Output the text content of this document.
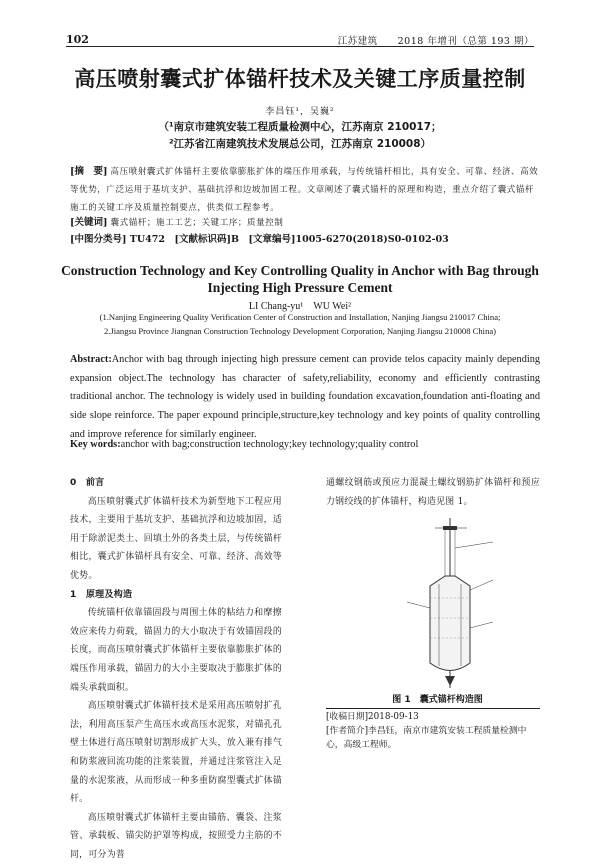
102	江苏建筑　　2018 年增刊（总第 193 期）
高压喷射囊式扩体锚杆技术及关键工序质量控制
李昌钰¹，吴巍²
（¹南京市建筑安装工程质量检测中心，江苏南京 210017；
²江苏省江南建筑技术发展总公司，江苏南京 210008）
[摘　要] 高压喷射囊式扩体锚杆主要依靠膨胀扩体的端压作用承载，与传统锚杆相比，具有安全、可靠、经济、高效等优势，广泛运用于基坑支护、基础抗浮和边坡加固工程。文章阐述了囊式锚杆的原理和构造，重点介绍了囊式锚杆施工的关键工序及质量控制要点，供类似工程参考。
[关键词] 囊式锚杆；施工工艺；关键工序；质量控制
[中图分类号] TU472　[文献标识码]B　[文章编号]1005-6270(2018)S0-0102-03
Construction Technology and Key Controlling Quality in Anchor with Bag through Injecting High Pressure Cement
LI Chang-yu¹　WU Wei²
(1.Nanjing Engineering Quality Verification Center of Construction and Installation, Nanjing Jiangsu 210017 China;
2.Jiangsu Province Jiangnan Construction Technology Development Corporation, Nanjing Jiangsu 210008 China)
Abstract:Anchor with bag through injecting high pressure cement can provide telos capacity mainly depending expansion object.The technology has character of safety,reliability, economy and efficiently contrasting traditional anchor. The technology is widely used in building foundation excavation,foundation anti-floating and side slope reinforce. The paper expound principle,structure,key technology and key points of quality controlling and improve reference for similarly engineer.
Key words:anchor with bag;construction technology;key technology;quality control
0　前言
高压喷射囊式扩体锚杆技术为新型地下工程应用技术，主要用于基坑支护、基础抗浮和边坡加固，适用于除淤泥类土、回填土外的各类土层，与传统锚杆相比，囊式扩体锚杆具有安全、可靠、经济、高效等优势。
1　原理及构造
传统锚杆依靠锚固段与周围土体的粘结力和摩擦效应来传力荷载，锚固力的大小取决于有效锚固段的长度，而高压喷射囊式扩体锚杆主要依靠膨胀扩体的端压作用承载，锚固力的大小主要取决于膨胀扩体的端头承载面积。
高压喷射囊式扩体锚杆技术是采用高压喷射扩孔法，利用高压泵产生高压水或高压水泥浆，对锚孔孔壁土体进行高压喷射切割形成扩大头，放入兼有排气和防浆液回流功能的注浆装置，并通过注浆管注入足量的水泥浆液，从而形成一种多重防腐型囊式扩体锚杆。
高压喷射囊式扩体锚杆主要由锚筋、囊袋、注浆管、承载板、锚尖防护罩等构成，按照受力主筋的不同，可分为普
通螺纹钢筋或预应力混凝土螺纹钢筋扩体锚杆和预应力钢绞线的扩体锚杆，构造见图 1。
图 1　囊式锚杆构造图
[收稿日期]2018-09-13
[作者简介]李昌钰，南京市建筑安装工程质量检测中心，高级工程师。
